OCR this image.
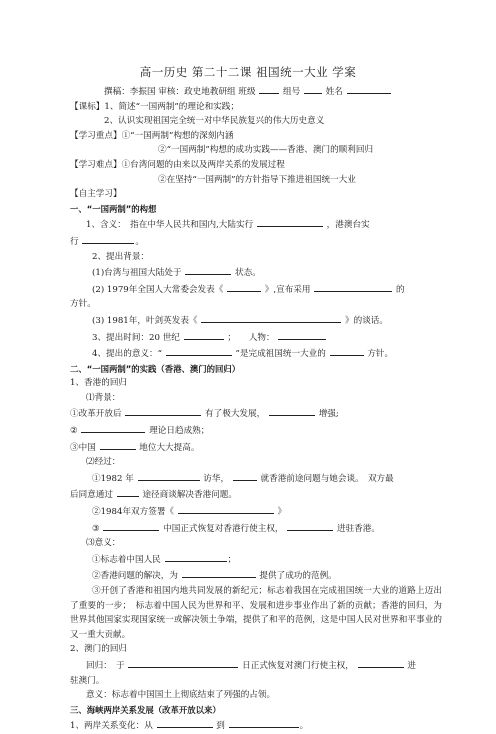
高一历史 第二十二课 祖国统一大业 学案
撰稿：李振国 审核：政史地教研组 班级	组号	姓名
【课标】1、简述“一国两制”的理论和实践；
2、认识实现祖国完全统一对中华民族复兴的伟大历史意义
【学习重点】①“一国两制”构想的深刻内涵
②“一国两制”构想的成功实践——香港、澳门的顺利回归
【学习难点】①台湾问题的由来以及两岸关系的发展过程
②在坚持“一国两制”的方针指导下推进祖国统一大业
【自主学习】
一、“一国两制”的构想
1、含义：　指在中华人民共和国内,大陆实行	，港澳台实
行	。
2、提出背景：
(1)台湾与祖国大陆处于	状态。
(2) 1979年全国人大常委会发表《	》,宣布采用	的
方针。
(3) 1981年，叶剑英发表《	》的谈话。
3、提出时间：20 世纪	；　　人物：
4、提出的意义：“	”是完成祖国统一大业的	方针。
二、“一国两制”的实践（香港、澳门的回归）
1、香港的回归
⑴背景：
①改革开放后	有了极大发展，	增强;
②	理论日趋成熟；
③中国	地位大大提高。
⑵经过：
①1982 年	访华，	就香港前途问题与她会谈。　双方最
后同意通过	途径商谈解决香港问题。
②1984年双方签署《	》
③	中国正式恢复对香港行使主权，	进驻香港。
⑶意义：
①标志着中国人民	；
②香港问题的解决，为	提供了成功的范例。
③开创了香港和祖国内地共同发展的新纪元；标志着我国在完成祖国统一大业的道路上迈出了重要的一步；　标志着中国人民为世界和平、发展和进步事业作出了新的贡献；香港的回归，为世界其他国家实现国家统一或解决领土争端，提供了和平的范例，这是中国人民对世界和平事业的又一重大贡献。
2、澳门的回归
回归：　于	日正式恢复对澳门行使主权，	进
驻澳门。
意义：标志着中国国土上彻底结束了列强的占领。
三、海峡两岸关系发展（改革开放以来）
1、两岸关系变化：从	到	。
